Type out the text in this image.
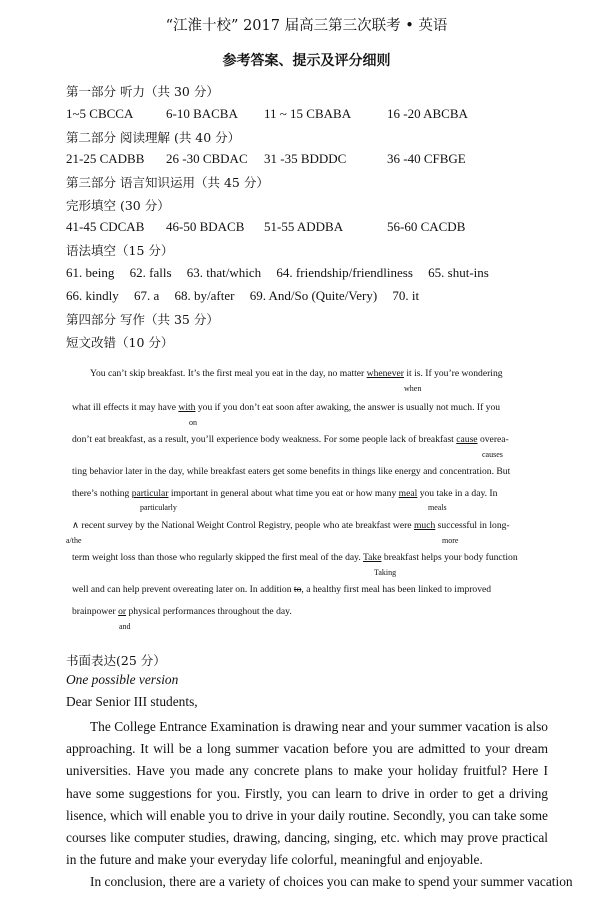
“江淮十校” 2017 届高三第三次联考 • 英语
参考答案、提示及评分细则
第一部分 听力（共 30 分）
1~5 CBCCA	6-10 BACBA 11 ~ 15 CBABA	16 -20 ABCBA
第二部分 阅读理解 (共 40 分）
21-25 CADBB 26 -30 CBDAC 31 -35 BDDDC	36 -40 CFBGE
第三部分 语言知识运用（共 45 分）
完形填空 (30 分）
41-45 CDCAB 46-50 BDACB 51-55 ADDBA	56-60 CACDB
语法填空（15 分）
61. being 62. falls 63. that/which 64. friendship/friendliness 65. shut-ins
66. kindly 67. a 68. by/after 69. And/So (Quite/Very) 70. it
第四部分 写作（共 35 分）
短文改错（10 分）
You can’t skip breakfast. It’s the first meal you eat in the day, no matter whenever it is. If you’re wondering
when
what ill effects it may have with you if you don’t eat soon after awaking, the answer is usually not much. If you
on
don’t eat breakfast, as a result, you’ll experience body weakness. For some people lack of breakfast cause overea-
causes
ting behavior later in the day, while breakfast eaters get some benefits in things like energy and concentration. But
there’s nothing particular important in general about what time you eat or how many meal you take in a day. In
particularly	meals
∧ recent survey by the National Weight Control Registry, people who ate breakfast were much successful in long-
a/the	more
term weight loss than those who regularly skipped the first meal of the day. Take breakfast helps your body function
Taking
well and can help prevent overeating later on. In addition to, a healthy first meal has been linked to improved
brainpower or physical performances throughout the day.
and
书面表达(25 分）
One possible version
Dear Senior III students,

The College Entrance Examination is drawing near and your summer vacation is also approaching. It will be a long summer vacation before you are admitted to your dream universities. Have you made any concrete plans to make your holiday fruitful? Here I have some suggestions for you. Firstly, you can learn to drive in order to get a driving lisence, which will enable you to drive in your daily routine. Secondly, you can take some courses like computer studies, drawing, dancing, singing, etc. which may prove practical in the future and make your everyday life colorful, meaningful and enjoyable.

In conclusion, there are a variety of choices you can make to spend your summer vacation
